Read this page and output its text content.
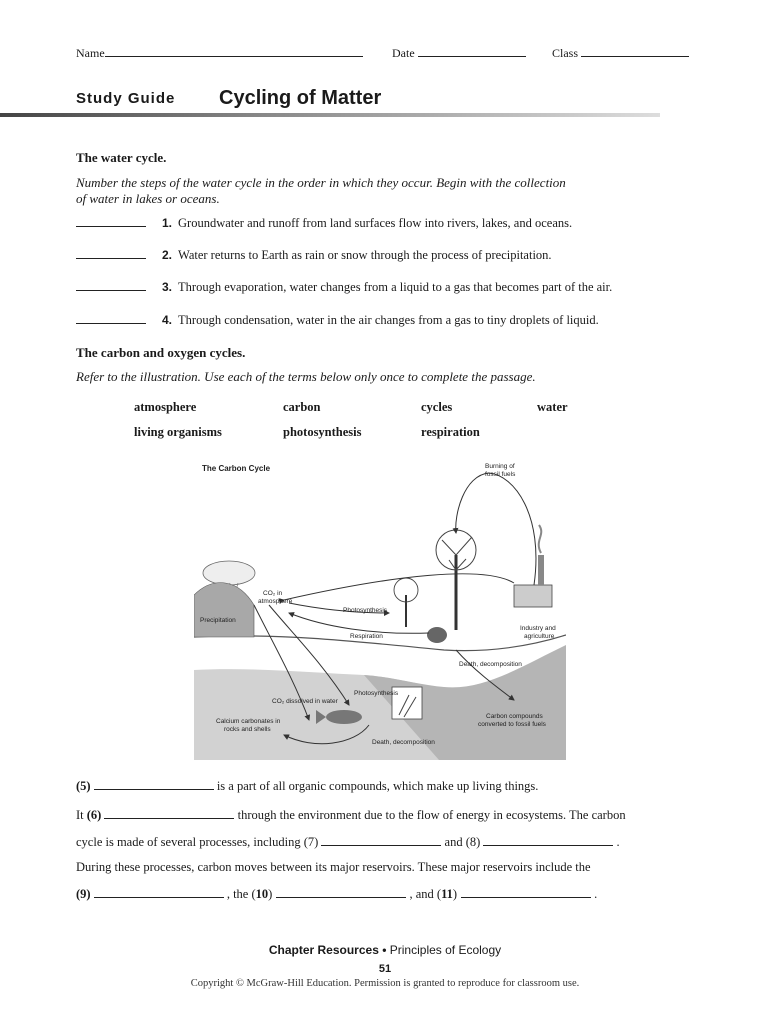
Name	Date	Class
Study Guide Cycling of Matter
The water cycle.
Number the steps of the water cycle in the order in which they occur. Begin with the collection
of water in lakes or oceans.
1. Groundwater and runoff from land surfaces flow into rivers, lakes, and oceans.
2. Water returns to Earth as rain or snow through the process of precipitation.
3. Through evaporation, water changes from a liquid to a gas that becomes part of the air.
4. Through condensation, water in the air changes from a gas to tiny droplets of liquid.
The carbon and oxygen cycles.
Refer to the illustration. Use each of the terms below only once to complete the passage.
atmosphere	carbon	cycles	water
living organisms	photosynthesis	respiration
The Carbon Cycle	Burning of
fossil fuels
CO₂ in
atmosphere
Photosynthesis
Precipitation
Respiration
Industry and
agriculture
Death, decomposition
Photosynthesis
CO₂ dissolved in water
Calcium carbonates in
rocks and shells
Carbon compounds
converted to fossil fuels
Death, decomposition
(5)	is a part of all organic compounds, which make up living things.
It (6)	through the environment due to the flow of energy in ecosystems. The carbon
cycle is made of several processes, including (7)	and (8)	.
During these processes, carbon moves between its major reservoirs. These major reservoirs include the
(9)	, the (10)	, and (11)	.
Chapter Resources • Principles of Ecology
51
Copyright © McGraw-Hill Education. Permission is granted to reproduce for classroom use.
